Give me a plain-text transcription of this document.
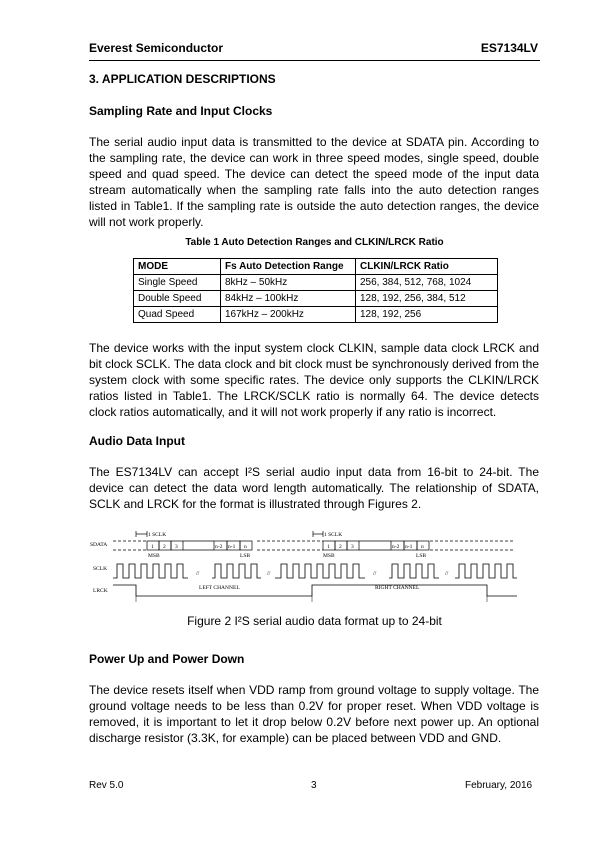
Everest Semiconductor	ES7134LV
3. APPLICATION DESCRIPTIONS
Sampling Rate and Input Clocks

The serial audio input data is transmitted to the device at SDATA pin. According to the sampling rate, the device can work in three speed modes, single speed, double speed and quad speed. The device can detect the speed mode of the input data stream automatically when the sampling rate falls into the auto detection ranges listed in Table1. If the sampling rate is outside the auto detection ranges, the device will not work properly.

Table 1 Auto Detection Ranges and CLKIN/LRCK Ratio
MODE	Fs Auto Detection Range	CLKIN/LRCK Ratio
Single Speed	8kHz – 50kHz	256, 384, 512, 768, 1024
Double Speed	84kHz – 100kHz	128, 192, 256, 384, 512
Quad Speed	167kHz – 200kHz	128, 192, 256

The device works with the input system clock CLKIN, sample data clock LRCK and bit clock SCLK. The data clock and bit clock must be synchronously derived from the system clock with some specific rates. The device only supports the CLKIN/LRCK ratios listed in Table1. The LRCK/SCLK ratio is normally 64. The device detects clock ratios automatically, and it will not work properly if any ratio is incorrect.

Audio Data Input

The ES7134LV can accept I²S serial audio input data from 16-bit to 24-bit. The device can detect the data word length automatically. The relationship of SDATA, SCLK and LRCK for the format is illustrated through Figures 2.

SDATA
SCLK
LRCK
1 SCLK	1 SCLK
1 2 3	n-2 n-1 n
MSB	LSB
1 2 3	n-2 n-1 n
MSB	LSB
//	//	//	//
LEFT CHANNEL	RIGHT CHANNEL
Figure 2 I²S serial audio data format up to 24-bit
Power Up and Power Down

The device resets itself when VDD ramp from ground voltage to supply voltage. The ground voltage needs to be less than 0.2V for proper reset. When VDD voltage is removed, it is important to let it drop below 0.2V before next power up. An optional discharge resistor (3.3K, for example) can be placed between VDD and GND.

Rev 5.0	3	February, 2016
